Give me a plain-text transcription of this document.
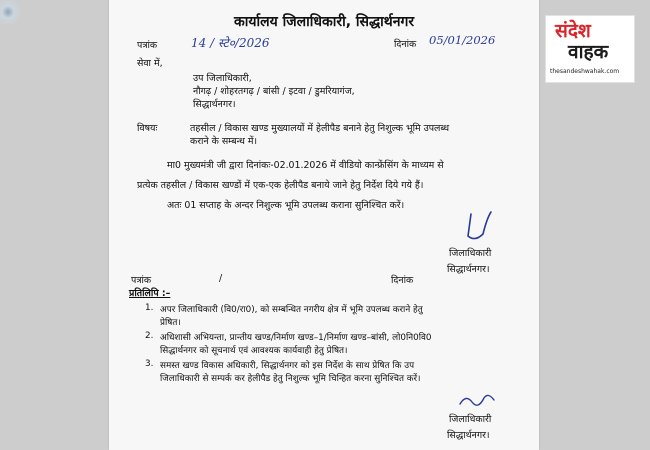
कार्यालय जिलाधिकारी, सिद्धार्थनगर
पत्रांक	14 / स्टे०/2026	दिनांक 05/01/2026
सेवा में,
उप जिलाधिकारी,
नौगढ़ / शोहरतगढ़ / बांसी / इटवा / डुमरियागंज,
सिद्धार्थनगर।
विषयः	तहसील / विकास खण्ड मुख्यालयों में हेलीपैड बनाने हेतु निशुल्क भूमि उपलब्ध
कराने के सम्बन्ध में।
मा0 मुख्यमंत्री जी द्वारा दिनांकः-02.01.2026 में वीडियो कान्फ्रेंसिंग के माध्यम से
प्रत्येक तहसील / विकास खण्डों में एक-एक हेलीपैड बनाये जाने हेतु निर्देश दिये गये हैं।
अतः 01 सप्ताह के अन्दर निशुल्क भूमि उपलब्ध कराना सुनिश्चित करें।
जिलाधिकारी
सिद्धार्थनगर।
पत्रांक	/	दिनांक
प्रतिलिपि :–
1. अपर जिलाधिकारी (वि0/रा0), को सम्बन्धित नगरीय क्षेत्र में भूमि उपलब्ध कराने हेतु
प्रेषित।
2. अधिशासी अभियन्ता, प्रान्तीय खण्ड/निर्माण खण्ड–1/निर्माण खण्ड–बांसी, लो0नि0वि0
सिद्धार्थनगर को सूचनार्थ एवं आवश्यक कार्यवाही हेतु प्रेषित।
3. समस्त खण्ड विकास अधिकारी, सिद्धार्थनगर को इस निर्देश के साथ प्रेषित कि उप
जिलाधिकारी से सम्पर्क कर हेलीपैड हेतु निशुल्क भूमि चिन्हित करना सुनिश्चित करें।
जिलाधिकारी
सिद्धार्थनगर।
संदेश
वाहक
thesandeshwahak.com
